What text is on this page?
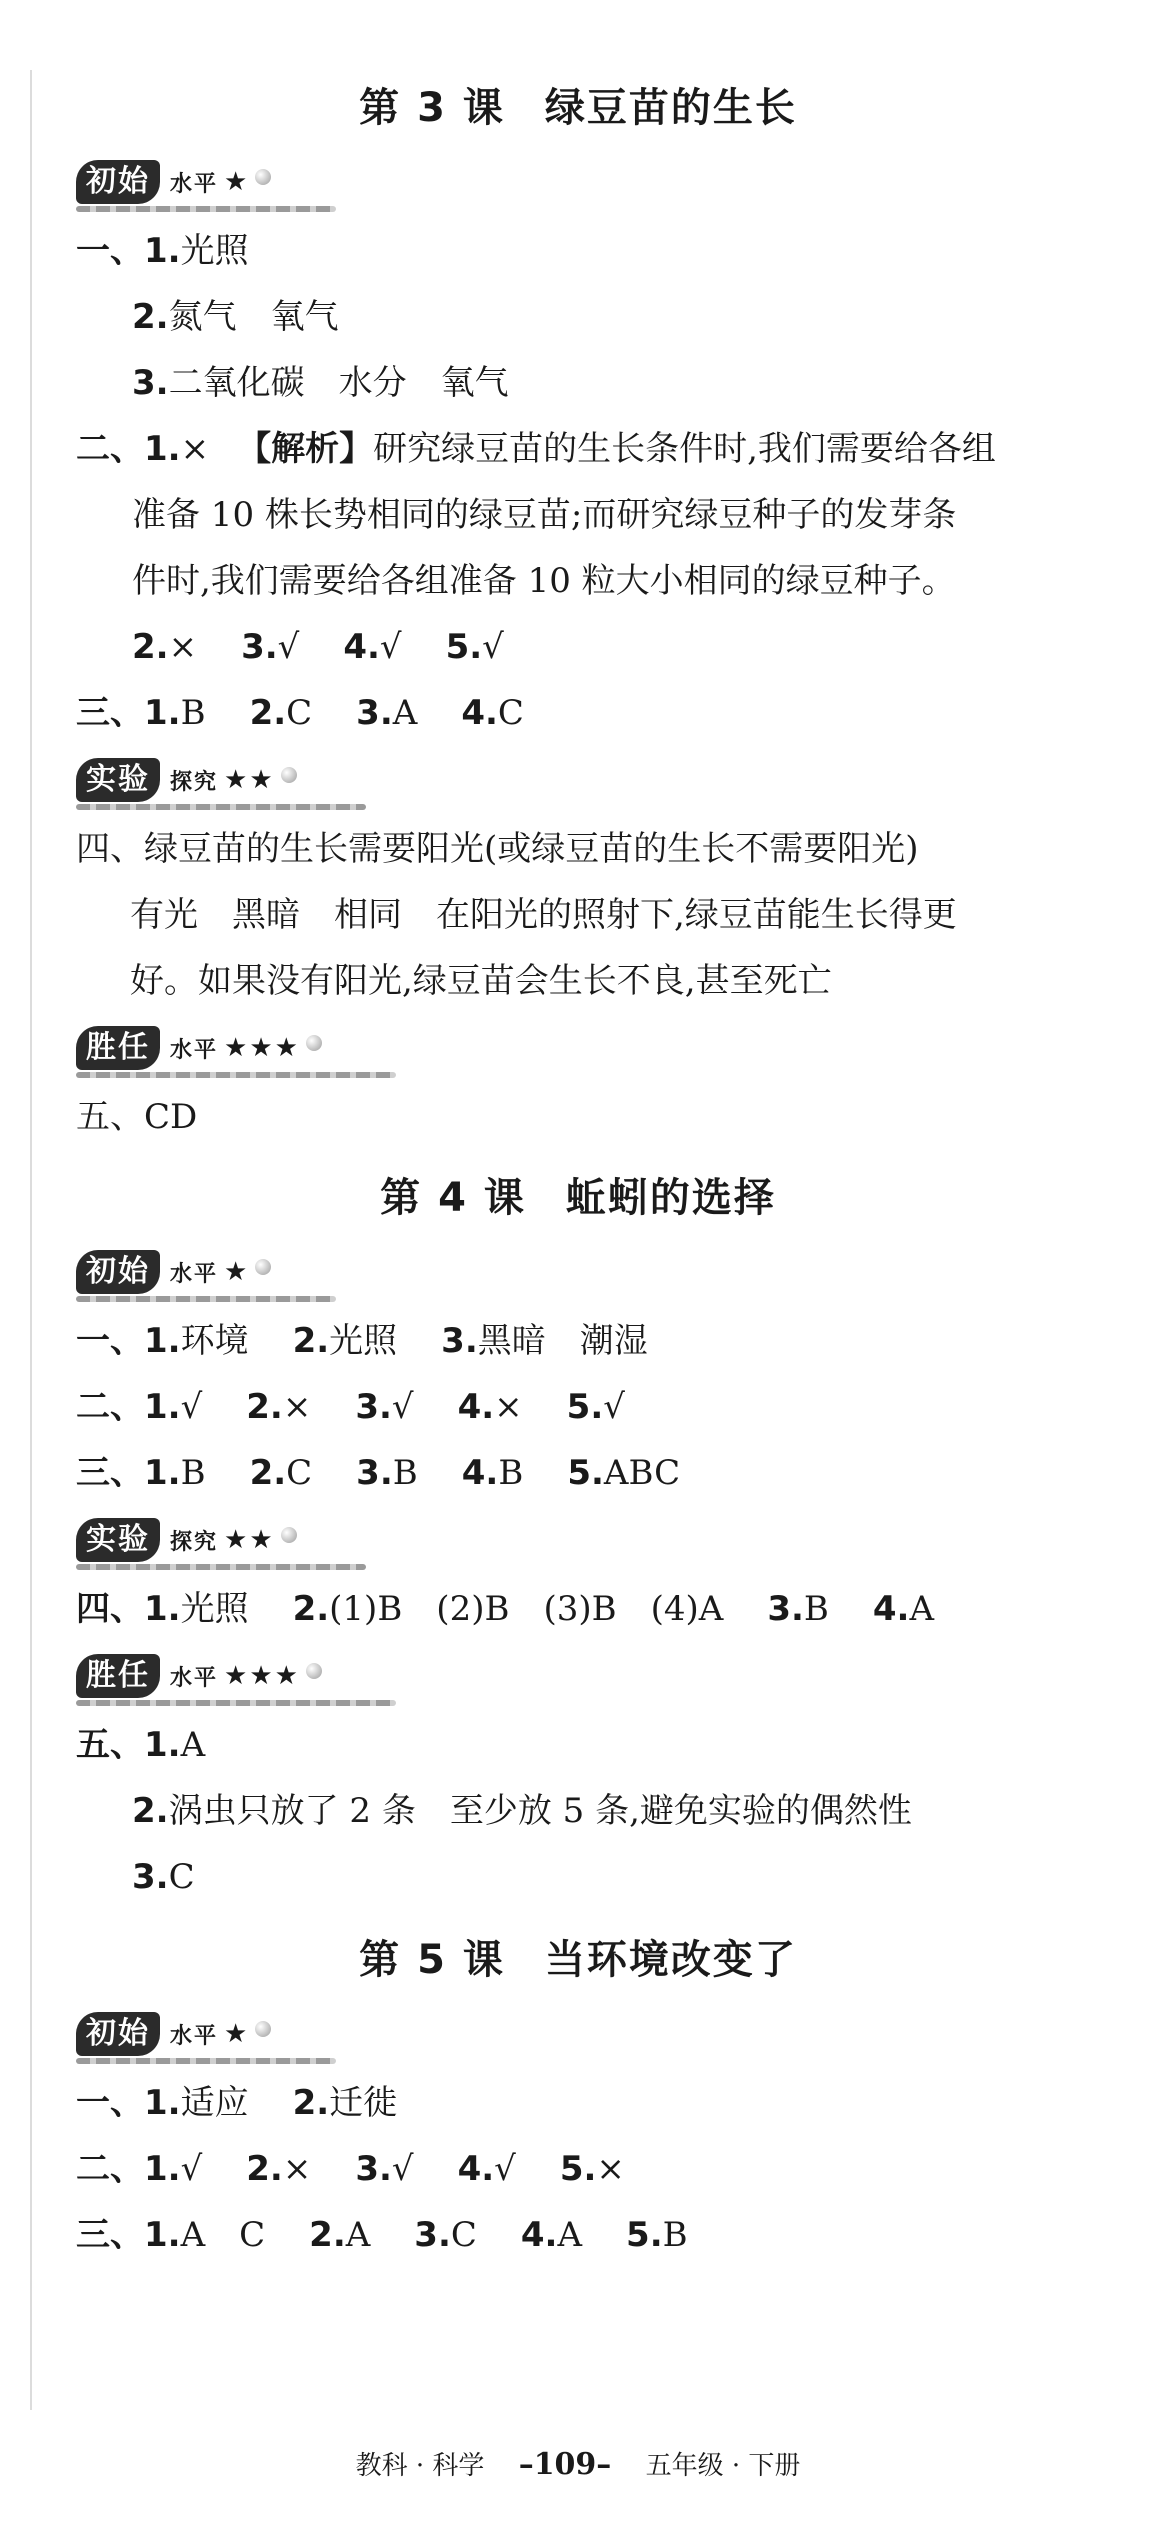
第 3 课 绿豆苗的生长
初始 水平 ★
一、1.光照
2.氮气　氧气
3.二氧化碳　水分　氧气
二、1.× 【解析】研究绿豆苗的生长条件时,我们需要给各组
准备 10 株长势相同的绿豆苗;而研究绿豆种子的发芽条
件时,我们需要给各组准备 10 粒大小相同的绿豆种子。
2.× 3.√ 4.√ 5.√
三、1.B 2.C 3.A 4.C
实验 探究 ★★
四、绿豆苗的生长需要阳光(或绿豆苗的生长不需要阳光)
有光　黑暗　相同　在阳光的照射下,绿豆苗能生长得更
好。如果没有阳光,绿豆苗会生长不良,甚至死亡
胜任 水平 ★★★
五、CD
第 4 课 蚯蚓的选择
初始 水平 ★
一、1.环境 2.光照 3.黑暗　潮湿
二、1.√ 2.× 3.√ 4.× 5.√
三、1.B 2.C 3.B 4.B 5.ABC
实验 探究 ★★
四、1.光照 2.(1)B　(2)B　(3)B　(4)A 3.B 4.A
胜任 水平 ★★★
五、1.A
2.涡虫只放了 2 条　至少放 5 条,避免实验的偶然性
3.C
第 5 课 当环境改变了
初始 水平 ★
一、1.适应 2.迁徙
二、1.√ 2.× 3.√ 4.√ 5.×
三、1.A　C 2.A 3.C 4.A 5.B
教科 · 科学 –109– 五年级 · 下册
